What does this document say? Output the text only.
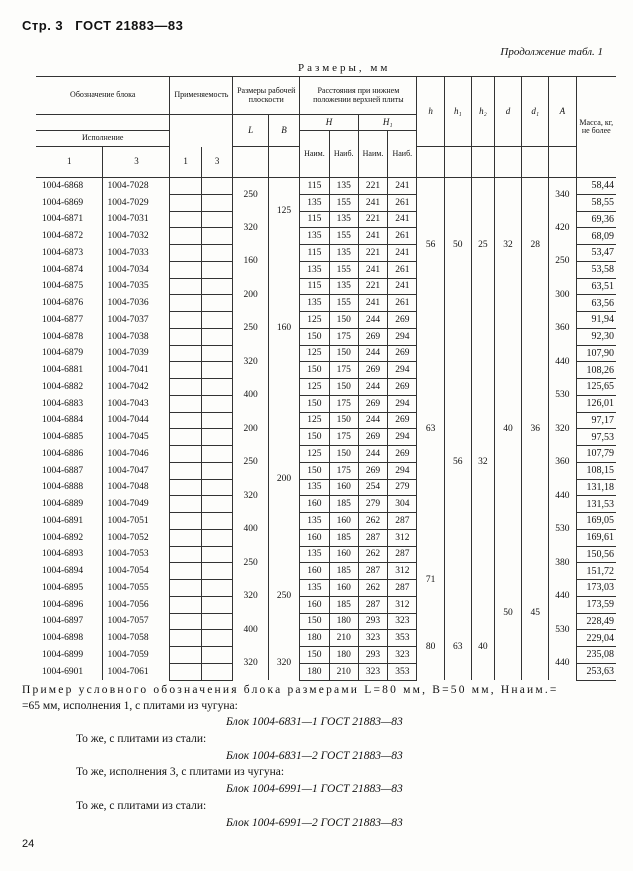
Стр. 3 ГОСТ 21883—83
Продолжение табл. 1
Размеры, мм
Обозначение блока		Применяемость		Размеры рабочей плоскости		Расстояния при нижнем положении верхней плиты				h	h₁	h₂	d	d₁	A	Масса, кг, не более
				L	B	H		H₁								
Исполнение						Наим.	Наиб.	Наим.	Наиб.							
1	3	1	3													
1004-6868	1004-7028			250	125	115	135	221	241	56	50	25	32	28	340	58,44
1004-6869	1004-7029					135	155	241	261							58,55
1004-6871	1004-7031			320		115	135	221	241						420	69,36
1004-6872	1004-7032					135	155	241	261							68,09
1004-6873	1004-7033			160	160	115	135	221	241						250	53,47
1004-6874	1004-7034					135	155	241	261							53,58
1004-6875	1004-7035			200		115	135	221	241						300	63,51
1004-6876	1004-7036					135	155	241	261							63,56
1004-6877	1004-7037			250		125	150	244	269	63	56	32	40	36	360	91,94
1004-6878	1004-7038					150	175	269	294							92,30
1004-6879	1004-7039			320		125	150	244	269						440	107,90
1004-6881	1004-7041					150	175	269	294							108,26
1004-6882	1004-7042			400		125	150	244	269						530	125,65
1004-6883	1004-7043					150	175	269	294							126,01
1004-6884	1004-7044			200	200	125	150	244	269						320	97,17
1004-6885	1004-7045					150	175	269	294							97,53
1004-6886	1004-7046			250		125	150	244	269						360	107,79
1004-6887	1004-7047					150	175	269	294							108,15
1004-6888	1004-7048			320		135	160	254	279						440	131,18
1004-6889	1004-7049					160	185	279	304							131,53
1004-6891	1004-7051			400		135	160	262	287						530	169,05
1004-6892	1004-7052					160	185	287	312							169,61
1004-6893	1004-7053			250	250	135	160	262	287	71			50	45	380	150,56
1004-6894	1004-7054					160	185	287	312							151,72
1004-6895	1004-7055			320		135	160	262	287						440	173,03
1004-6896	1004-7056					160	185	287	312							173,59
1004-6897	1004-7057			400		150	180	293	323	80	63	40			530	228,49
1004-6898	1004-7058					180	210	323	353							229,04
1004-6899	1004-7059			320	320	150	180	293	323						440	235,08
1004-6901	1004-7061					180	210	323	353							253,63
Пример условного обозначения блока размерами L=80 мм, B=50 мм, Hнаим.=
=65 мм, исполнения 1, с плитами из чугуна:
Блок 1004-6831—1 ГОСТ 21883—83
То же, с плитами из стали:
Блок 1004-6831—2 ГОСТ 21883—83
То же, исполнения 3, с плитами из чугуна:
Блок 1004-6991—1 ГОСТ 21883—83
То же, с плитами из стали:
Блок 1004-6991—2 ГОСТ 21883—83
24
